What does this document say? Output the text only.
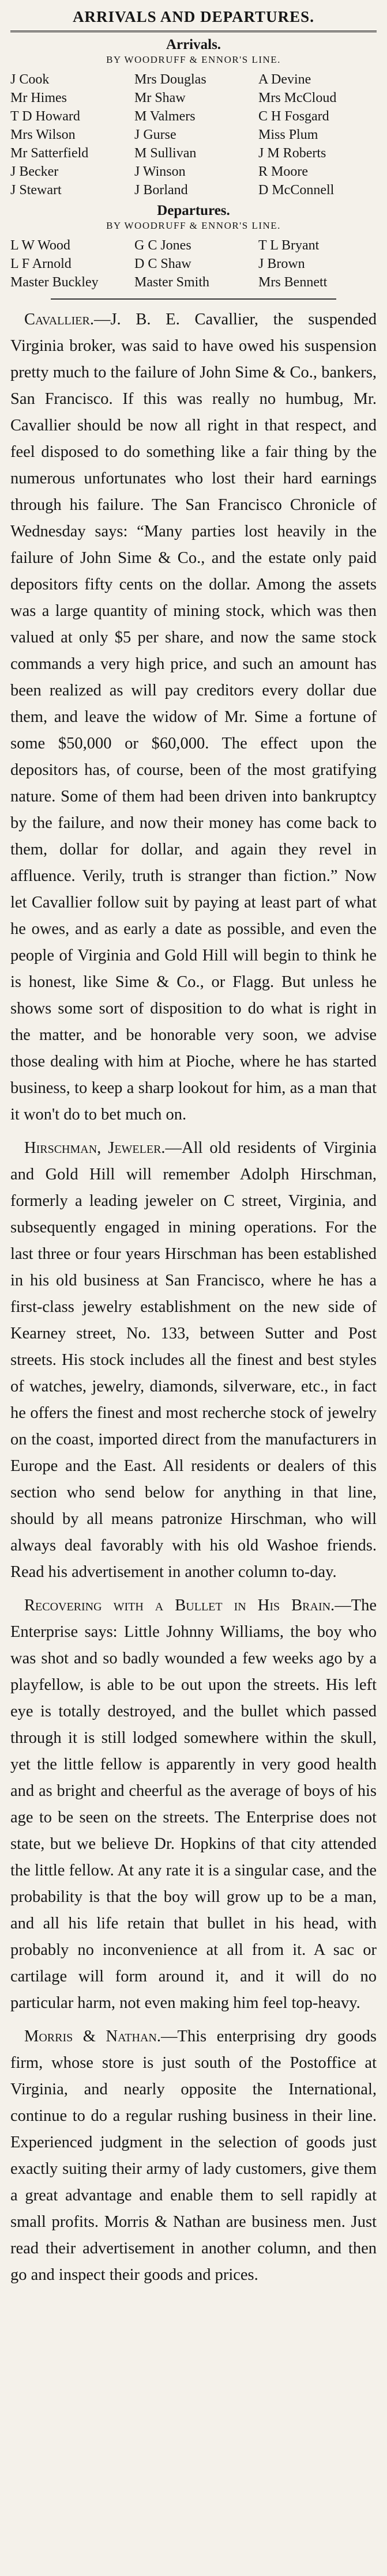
ARRIVALS AND DEPARTURES.
Arrivals.
BY WOODRUFF & ENNOR'S LINE.
J Cook	Mrs Douglas	A Devine
Mr Himes	Mr Shaw	Mrs McCloud
T D Howard	M Valmers	C H Fosgard
Mrs Wilson	J Gurse	Miss Plum
Mr Satterfield	M Sullivan	J M Roberts
J Becker	J Winson	R Moore
J Stewart	J Borland	D McConnell
Departures.
BY WOODRUFF & ENNOR'S LINE.
L W Wood	G C Jones	T L Bryant
L F Arnold	D C Shaw	J Brown
Master Buckley	Master Smith	Mrs Bennett

Cavallier.—J. B. E. Cavallier, the suspended Virginia broker, was said to have owed his suspension pretty much to the failure of John Sime & Co., bankers, San Francisco. If this was really no humbug, Mr. Cavallier should be now all right in that respect, and feel disposed to do something like a fair thing by the numerous unfortunates who lost their hard earnings through his failure. The San Francisco Chronicle of Wednesday says: “Many parties lost heavily in the failure of John Sime & Co., and the estate only paid depositors fifty cents on the dollar. Among the assets was a large quantity of mining stock, which was then valued at only $5 per share, and now the same stock commands a very high price, and such an amount has been realized as will pay creditors every dollar due them, and leave the widow of Mr. Sime a fortune of some $50,000 or $60,000. The effect upon the depositors has, of course, been of the most gratifying nature. Some of them had been driven into bankruptcy by the failure, and now their money has come back to them, dollar for dollar, and again they revel in affluence. Verily, truth is stranger than fiction.” Now let Cavallier follow suit by paying at least part of what he owes, and as early a date as possible, and even the people of Virginia and Gold Hill will begin to think he is honest, like Sime & Co., or Flagg. But unless he shows some sort of disposition to do what is right in the matter, and be honorable very soon, we advise those dealing with him at Pioche, where he has started business, to keep a sharp lookout for him, as a man that it won't do to bet much on.

Hirschman, Jeweler.—All old residents of Virginia and Gold Hill will remember Adolph Hirschman, formerly a leading jeweler on C street, Virginia, and subsequently engaged in mining operations. For the last three or four years Hirschman has been established in his old business at San Francisco, where he has a first-class jewelry establishment on the new side of Kearney street, No. 133, between Sutter and Post streets. His stock includes all the finest and best styles of watches, jewelry, diamonds, silverware, etc., in fact he offers the finest and most recherche stock of jewelry on the coast, imported direct from the manufacturers in Europe and the East. All residents or dealers of this section who send below for anything in that line, should by all means patronize Hirschman, who will always deal favorably with his old Washoe friends. Read his advertisement in another column to-day.

Recovering with a Bullet in His Brain.—The Enterprise says: Little Johnny Williams, the boy who was shot and so badly wounded a few weeks ago by a playfellow, is able to be out upon the streets. His left eye is totally destroyed, and the bullet which passed through it is still lodged somewhere within the skull, yet the little fellow is apparently in very good health and as bright and cheerful as the average of boys of his age to be seen on the streets. The Enterprise does not state, but we believe Dr. Hopkins of that city attended the little fellow. At any rate it is a singular case, and the probability is that the boy will grow up to be a man, and all his life retain that bullet in his head, with probably no inconvenience at all from it. A sac or cartilage will form around it, and it will do no particular harm, not even making him feel top-heavy.

Morris & Nathan.—This enterprising dry goods firm, whose store is just south of the Postoffice at Virginia, and nearly opposite the International, continue to do a regular rushing business in their line. Experienced judgment in the selection of goods just exactly suiting their army of lady customers, give them a great advantage and enable them to sell rapidly at small profits. Morris & Nathan are business men. Just read their advertisement in another column, and then go and inspect their goods and prices.
